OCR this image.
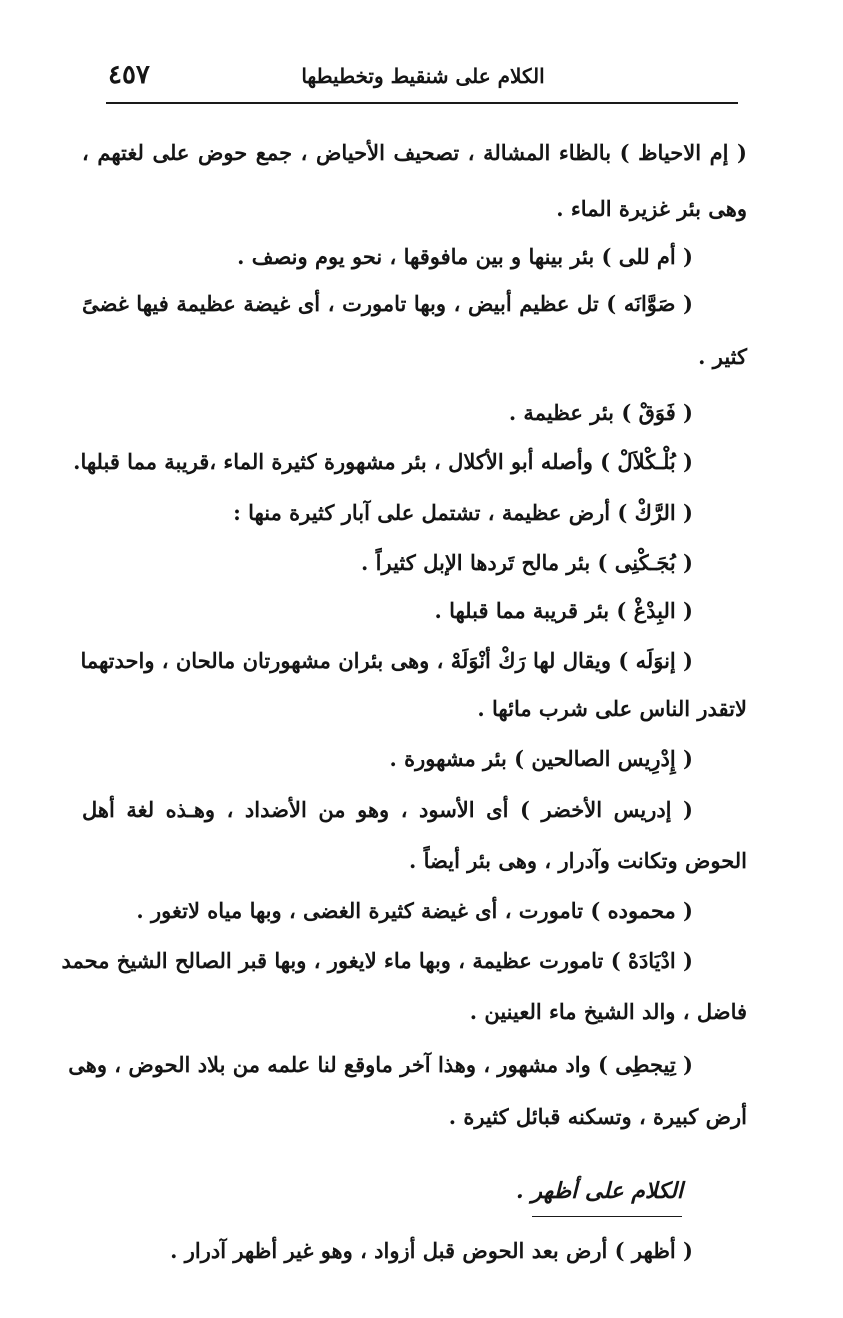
الكلام على شنقيط وتخطيطها
٤٥٧
( إم الاحياظ ) بالظاء المشالة ، تصحيف الأحياض ، جمع حوض على لغتهم ،
وهى بئر غزيرة الماء .
( أم للى ) بئر بينها و بين مافوقها ، نحو يوم ونصف .
( صَوَّانَه ) تل عظيم أبيض ، وبها تامورت ، أى غيضة عظيمة فيها غضىً
كثير .
( فَوَقْ ) بئر عظيمة .
( بُلْـكْلاَلْ ) وأصله أبو الأكلال ، بئر مشهورة كثيرة الماء ،قريبة مما قبلها.
( الرَّكْ ) أرض عظيمة ، تشتمل على آبار كثيرة منها :
( بُجَـكْنِى ) بئر مالح تَردها الإبل كثيراً .
( البِدْغْ ) بئر قريبة مما قبلها .
( إنوَلَه ) ويقال لها رَكْ أنْوَلَهْ ، وهى بئران مشهورتان مالحان ، واحدتهما
لاتقدر الناس على شرب مائها .
( إِدْرِيس الصالحين ) بئر مشهورة .
( إدريس الأخضر ) أى الأسود ، وهو من الأضداد ، وهـذه لغة أهل
الحوض وتكانت وآدرار ، وهى بئر أيضاً .
( محموده ) تامورت ، أى غيضة كثيرة الغضى ، وبها مياه لاتغور .
( ادْيَادَهْ ) تامورت عظيمة ، وبها ماء لايغور ، وبها قبر الصالح الشيخ محمد
فاضل ، والد الشيخ ماء العينين .
( تِيجطِى ) واد مشهور ، وهذا آخر ماوقع لنا علمه من بلاد الحوض ، وهى
أرض كبيرة ، وتسكنه قبائل كثيرة .
الكلام على أظهر .
( أظهر ) أرض بعد الحوض قبل أزواد ، وهو غير أظهر آدرار .
